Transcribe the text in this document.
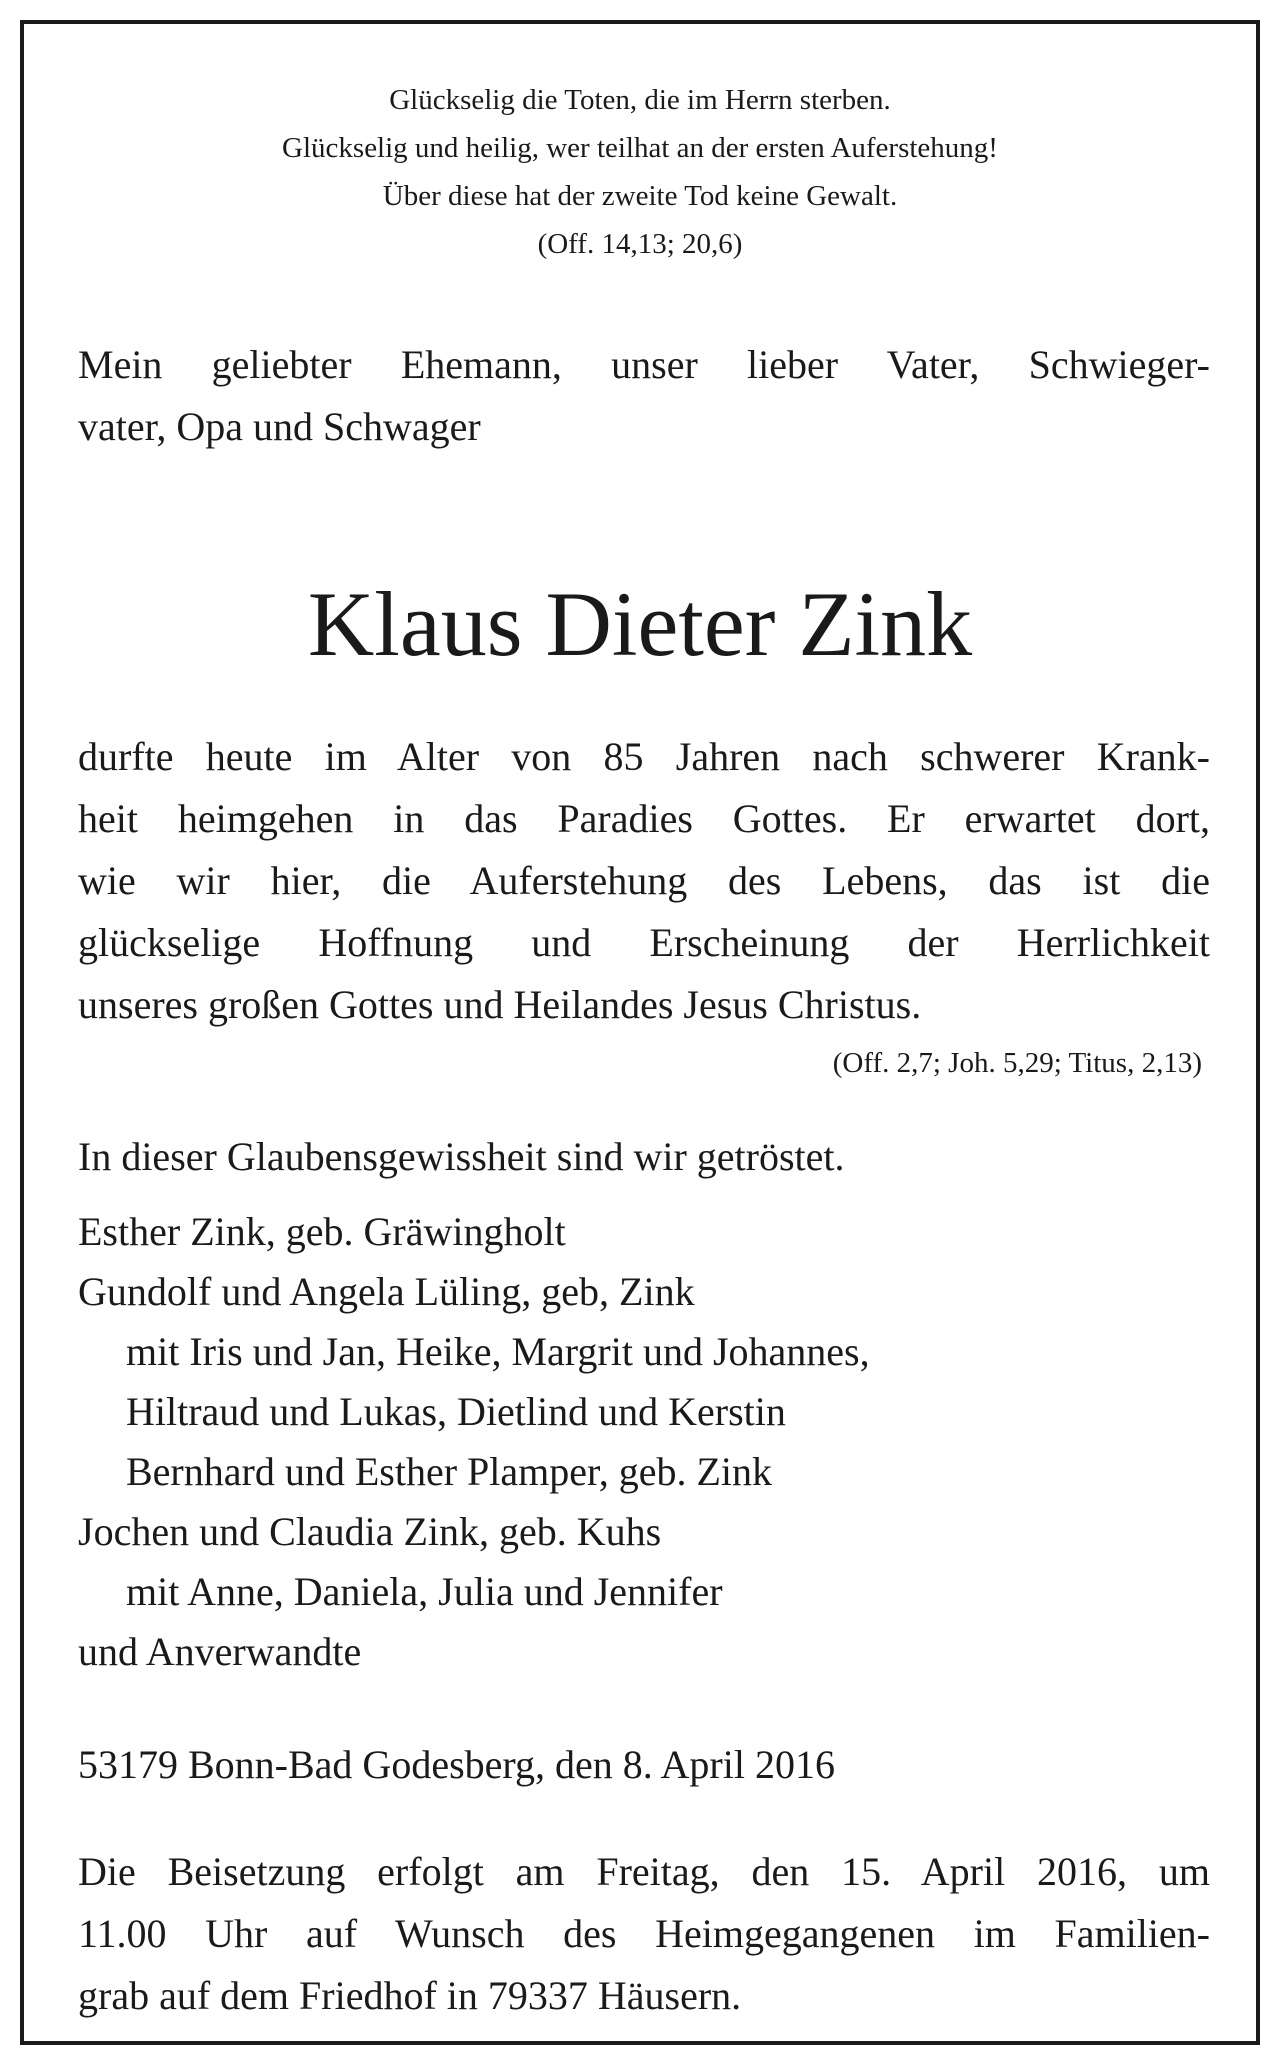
Glückselig die Toten, die im Herrn sterben.
Glückselig und heilig, wer teilhat an der ersten Auferstehung!
Über diese hat der zweite Tod keine Gewalt.
(Off. 14,13; 20,6)
Mein geliebter Ehemann, unser lieber Vater, Schwieger-
vater, Opa und Schwager
Klaus Dieter Zink
durfte heute im Alter von 85 Jahren nach schwerer Krank-
heit heimgehen in das Paradies Gottes. Er erwartet dort,
wie wir hier, die Auferstehung des Lebens, das ist die
glückselige Hoffnung und Erscheinung der Herrlichkeit
unseres großen Gottes und Heilandes Jesus Christus.
(Off. 2,7; Joh. 5,29; Titus, 2,13)
In dieser Glaubensgewissheit sind wir getröstet.
Esther Zink, geb. Gräwingholt
Gundolf und Angela Lüling, geb, Zink
mit Iris und Jan, Heike, Margrit und Johannes,
Hiltraud und Lukas, Dietlind und Kerstin
Bernhard und Esther Plamper, geb. Zink
Jochen und Claudia Zink, geb. Kuhs
mit Anne, Daniela, Julia und Jennifer
und Anverwandte
53179 Bonn-Bad Godesberg, den 8. April 2016
Die Beisetzung erfolgt am Freitag, den 15. April 2016, um
11.00 Uhr auf Wunsch des Heimgegangenen im Familien-
grab auf dem Friedhof in 79337 Häusern.
